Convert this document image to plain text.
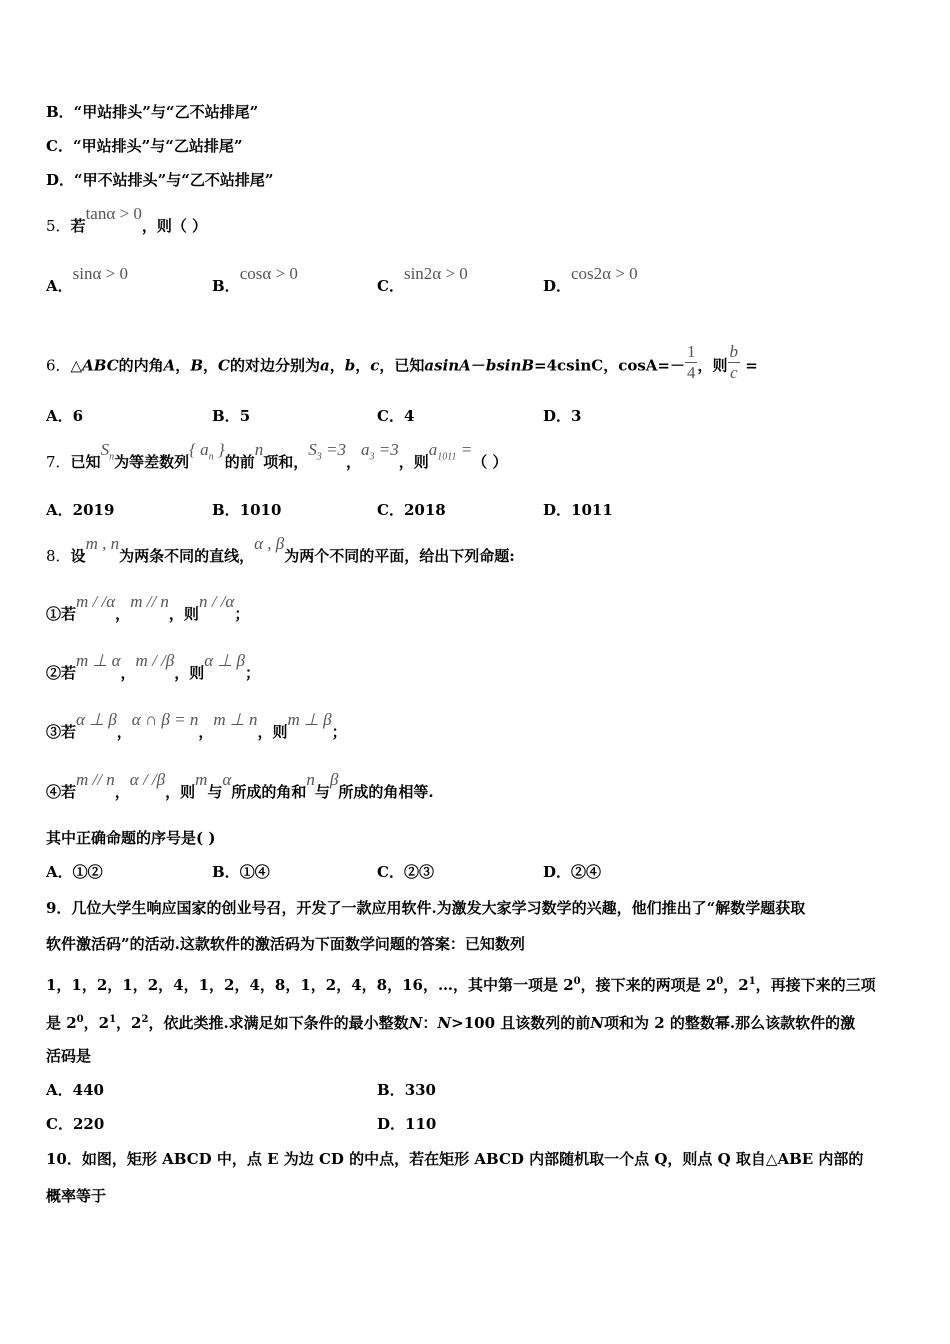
B．“甲站排头”与“乙不站排尾”
C．“甲站排头”与“乙站排尾”
D．“甲不站排头”与“乙不站排尾”
5．若tanα > 0，则（ ）
A．sinα > 0
B．cosα > 0
C．sin2α > 0
D．cos2α > 0
6．△ABC的内角A，B，C的对边分别为a，b，c，已知asinA－bsinB=4csinC，$\cos A=- \frac{1}{4}$ ，则 $\frac{b}{c}$ =
A．6	B．5	C．4	D．3
7．已知$S_n$为等差数列{ $a_n$ }的前n项和，$S_3 =3$，$a_3 =3$，则$a_{1011}$ =（ ）
A．2019	B．1010	C．2018	D．1011
8．设m , n为两条不同的直线，α , β为两个不同的平面，给出下列命题:
①若m / /α，m // n，则n / /α；
②若m ⊥ α，m / /β，则α ⊥ β；
③若α ⊥ β，α ∩ β = n，m ⊥ n，则m ⊥ β；
④若m // n，α / /β，则m与α所成的角和n与β所成的角相等.
其中正确命题的序号是( )
A．①②	B．①④	C．②③	D．②④
9．几位大学生响应国家的创业号召，开发了一款应用软件.为激发大家学习数学的兴趣，他们推出了“解数学题获取
软件激活码”的活动.这款软件的激活码为下面数学问题的答案：已知数列
1，1，2，1，2，4，1，2，4，8，1，2，4，8，16，…，其中第一项是 $2^0$，接下来的两项是 $2^0$，$2^1$，再接下来的三项
是 $2^0$，$2^1$，$2^2$，依此类推.求满足如下条件的最小整数N：N>100 且该数列的前N项和为 2 的整数幂.那么该款软件的激
活码是
A．440	B．330
C．220	D．110
10．如图，矩形 ABCD 中，点 E 为边 CD 的中点，若在矩形 ABCD 内部随机取一个点 Q，则点 Q 取自△ABE 内部的
概率等于
